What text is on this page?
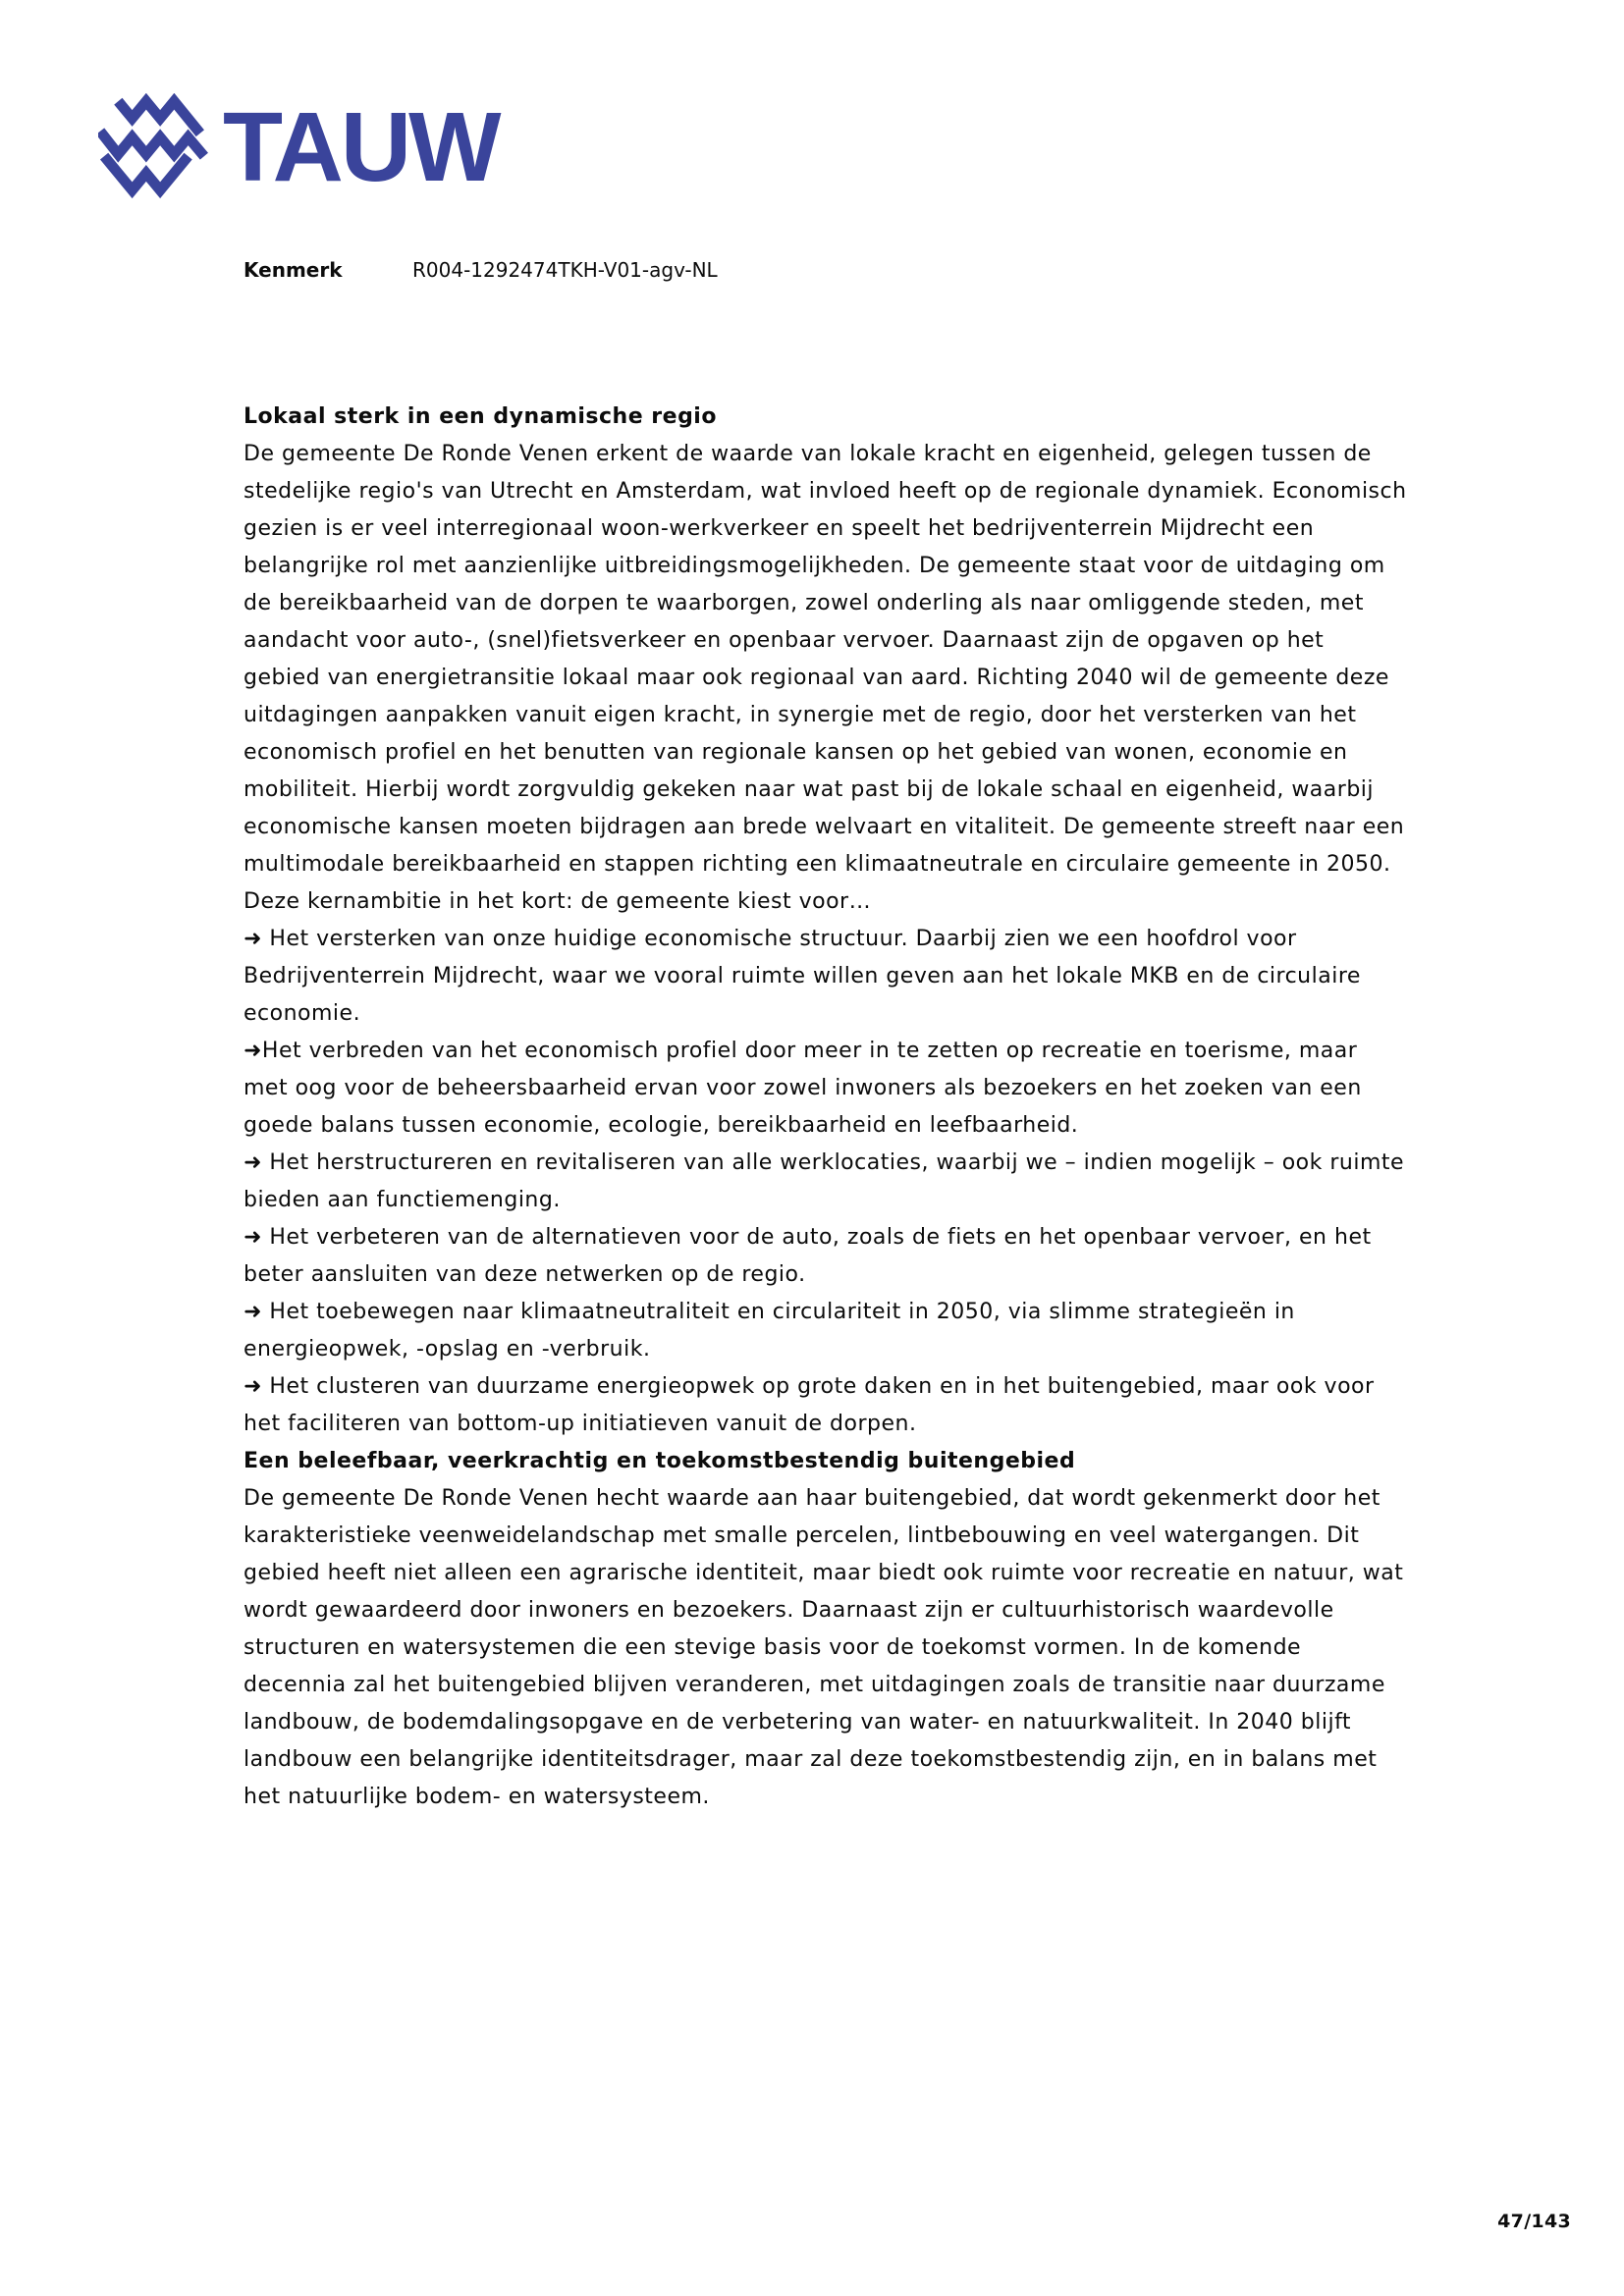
TAUW
Kenmerk	R004-1292474TKH-V01-agv-NL
Lokaal sterk in een dynamische regio

De gemeente De Ronde Venen erkent de waarde van lokale kracht en eigenheid, gelegen tussen de stedelijke regio's van Utrecht en Amsterdam, wat invloed heeft op de regionale dynamiek. Economisch gezien is er veel interregionaal woon-werkverkeer en speelt het bedrijventerrein Mijdrecht een belangrijke rol met aanzienlijke uitbreidingsmogelijkheden. De gemeente staat voor de uitdaging om de bereikbaarheid van de dorpen te waarborgen, zowel onderling als naar omliggende steden, met aandacht voor auto-, (snel)fietsverkeer en openbaar vervoer. Daarnaast zijn de opgaven op het gebied van energietransitie lokaal maar ook regionaal van aard. Richting 2040 wil de gemeente deze uitdagingen aanpakken vanuit eigen kracht, in synergie met de regio, door het versterken van het economisch profiel en het benutten van regionale kansen op het gebied van wonen, economie en mobiliteit. Hierbij wordt zorgvuldig gekeken naar wat past bij de lokale schaal en eigenheid, waarbij economische kansen moeten bijdragen aan brede welvaart en vitaliteit. De gemeente streeft naar een multimodale bereikbaarheid en stappen richting een klimaatneutrale en circulaire gemeente in 2050.

Deze kernambitie in het kort: de gemeente kiest voor…

➜ Het versterken van onze huidige economische structuur. Daarbij zien we een hoofdrol voor Bedrijventerrein Mijdrecht, waar we vooral ruimte willen geven aan het lokale MKB en de circulaire economie.

➜Het verbreden van het economisch profiel door meer in te zetten op recreatie en toerisme, maar met oog voor de beheersbaarheid ervan voor zowel inwoners als bezoekers en het zoeken van een goede balans tussen economie, ecologie, bereikbaarheid en leefbaarheid.

➜ Het herstructureren en revitaliseren van alle werklocaties, waarbij we – indien mogelijk – ook ruimte bieden aan functiemenging.

➜ Het verbeteren van de alternatieven voor de auto, zoals de fiets en het openbaar vervoer, en het beter aansluiten van deze netwerken op de regio.

➜ Het toebewegen naar klimaatneutraliteit en circulariteit in 2050, via slimme strategieën in energieopwek, -opslag en -verbruik.

➜ Het clusteren van duurzame energieopwek op grote daken en in het buitengebied, maar ook voor het faciliteren van bottom-up initiatieven vanuit de dorpen.

Een beleefbaar, veerkrachtig en toekomstbestendig buitengebied

De gemeente De Ronde Venen hecht waarde aan haar buitengebied, dat wordt gekenmerkt door het karakteristieke veenweidelandschap met smalle percelen, lintbebouwing en veel watergangen. Dit gebied heeft niet alleen een agrarische identiteit, maar biedt ook ruimte voor recreatie en natuur, wat wordt gewaardeerd door inwoners en bezoekers. Daarnaast zijn er cultuurhistorisch waardevolle structuren en watersystemen die een stevige basis voor de toekomst vormen. In de komende decennia zal het buitengebied blijven veranderen, met uitdagingen zoals de transitie naar duurzame landbouw, de bodemdalingsopgave en de verbetering van water- en natuurkwaliteit. In 2040 blijft landbouw een belangrijke identiteitsdrager, maar zal deze toekomstbestendig zijn, en in balans met het natuurlijke bodem- en watersysteem.

47/143
